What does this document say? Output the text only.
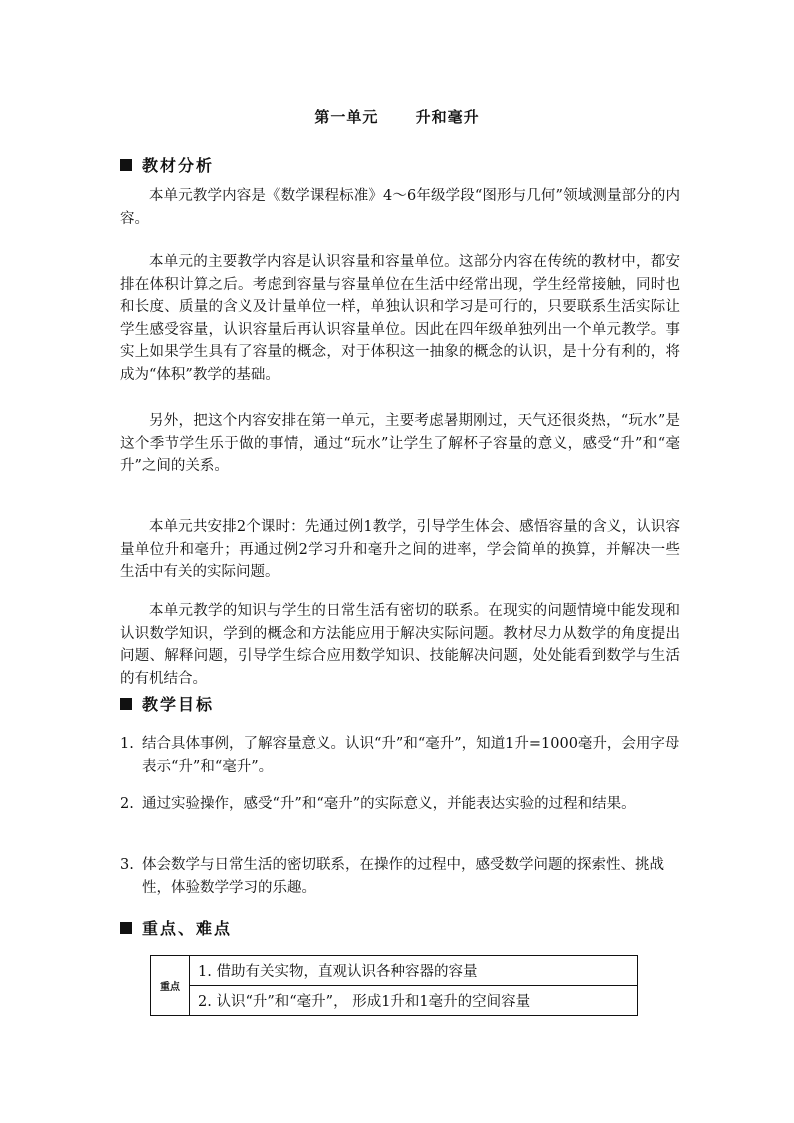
第一单元      升和毫升
教材分析

本单元教学内容是《数学课程标准》4～6年级学段“图形与几何”领域测量部分的内容。

本单元的主要教学内容是认识容量和容量单位。这部分内容在传统的教材中，都安排在体积计算之后。考虑到容量与容量单位在生活中经常出现，学生经常接触，同时也和长度、质量的含义及计量单位一样，单独认识和学习是可行的，只要联系生活实际让学生感受容量，认识容量后再认识容量单位。因此在四年级单独列出一个单元教学。事实上如果学生具有了容量的概念，对于体积这一抽象的概念的认识，是十分有利的，将成为“体积”教学的基础。

另外，把这个内容安排在第一单元，主要考虑暑期刚过，天气还很炎热，“玩水”是这个季节学生乐于做的事情，通过“玩水”让学生了解杯子容量的意义，感受“升”和“毫升”之间的关系。

本单元共安排2个课时：先通过例1教学，引导学生体会、感悟容量的含义，认识容量单位升和毫升；再通过例2学习升和毫升之间的进率，学会简单的换算，并解决一些生活中有关的实际问题。

本单元教学的知识与学生的日常生活有密切的联系。在现实的问题情境中能发现和认识数学知识，学到的概念和方法能应用于解决实际问题。教材尽力从数学的角度提出问题、解释问题，引导学生综合应用数学知识、技能解决问题，处处能看到数学与生活的有机结合。

教学目标
1. 结合具体事例，了解容量意义。认识“升”和“毫升”，知道1升=1000毫升，会用字母表示“升”和“毫升”。
2. 通过实验操作，感受“升”和“毫升”的实际意义，并能表达实验的过程和结果。
3. 体会数学与日常生活的密切联系，在操作的过程中，感受数学问题的探索性、挑战性，体验数学学习的乐趣。
重点、难点
重点	1. 借助有关实物，直观认识各种容器的容量
2. 认识“升”和“毫升”， 形成1升和1毫升的空间容量
